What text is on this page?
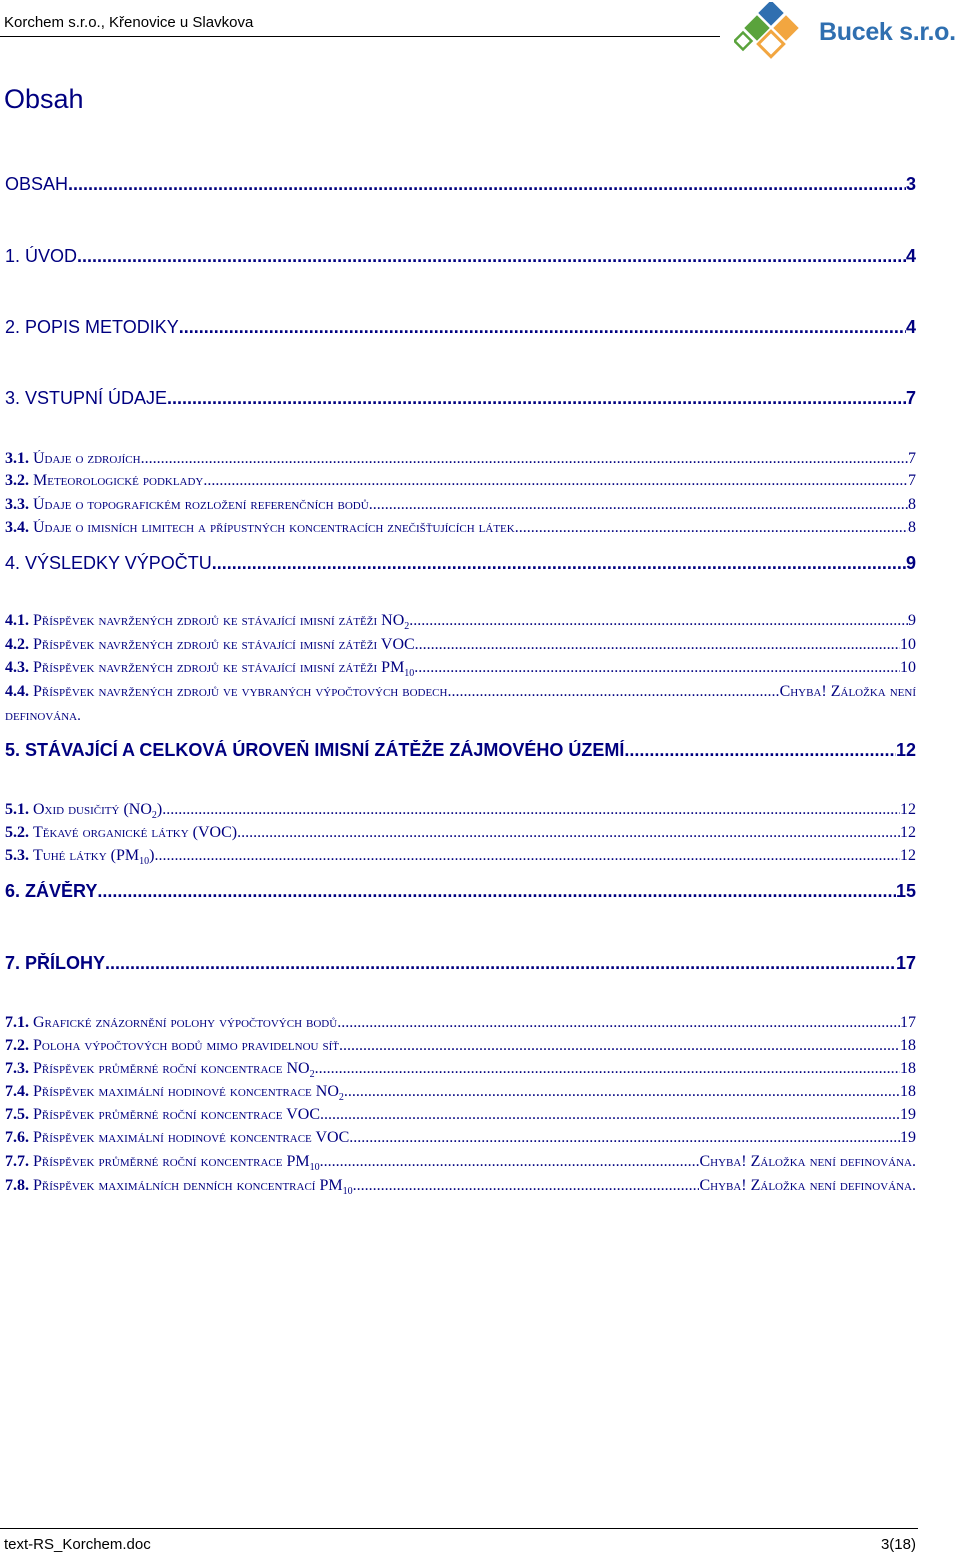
Korchem s.r.o., Křenovice u Slavkova	Bucek s.r.o.
Obsah
OBSAH .....	3
1. ÚVOD .....	4
2. POPIS METODIKY .....	4
3. VSTUPNÍ ÚDAJE .....	7
3.1. Údaje o zdrojích .....	7
3.2. Meteorologické podklady .....	7
3.3. Údaje o topografickém rozložení referenčních bodů .....	8
3.4. Údaje o imisních limitech a přípustných koncentracích znečišťujících látek .....	8
4. VÝSLEDKY VÝPOČTU .....	9
4.1. Příspěvek navržených zdrojů ke stávající imisní zátěži $NO_2$ .....	9
4.2. Příspěvek navržených zdrojů ke stávající imisní zátěži VOC .....	10
4.3. Příspěvek navržených zdrojů ke stávající imisní zátěži $PM_{10}$ .....	10
4.4. Příspěvek navržených zdrojů ve vybraných výpočtových bodech .....	Chyba! Záložka není
definována.
5. STÁVAJÍCÍ A CELKOVÁ ÚROVEŇ IMISNÍ ZÁTĚŽE ZÁJMOVÉHO ÚZEMÍ .....	12
5.1. Oxid dusičitý $(NO_2)$ .....	12
5.2. Těkavé organické látky (VOC) .....	12
5.3. Tuhé látky $(PM_{10})$ .....	12
6. ZÁVĚRY .....	15
7. PŘÍLOHY .....	17
7.1. Grafické znázornění polohy výpočtových bodů .....	17
7.2. Poloha výpočtových bodů mimo pravidelnou síť .....	18
7.3. Příspěvek průměrné roční koncentrace $NO_2$ .....	18
7.4. Příspěvek maximální hodinové koncentrace $NO_2$ .....	18
7.5. Příspěvek průměrné roční koncentrace VOC .....	19
7.6. Příspěvek maximální hodinové koncentrace VOC .....	19
7.7. Příspěvek průměrné roční koncentrace $PM_{10}$ .....	Chyba! Záložka není definována.
7.8. Příspěvek maximálních denních koncentrací $PM_{10}$ .....	Chyba! Záložka není definována.
text-RS_Korchem.doc	3(18)
